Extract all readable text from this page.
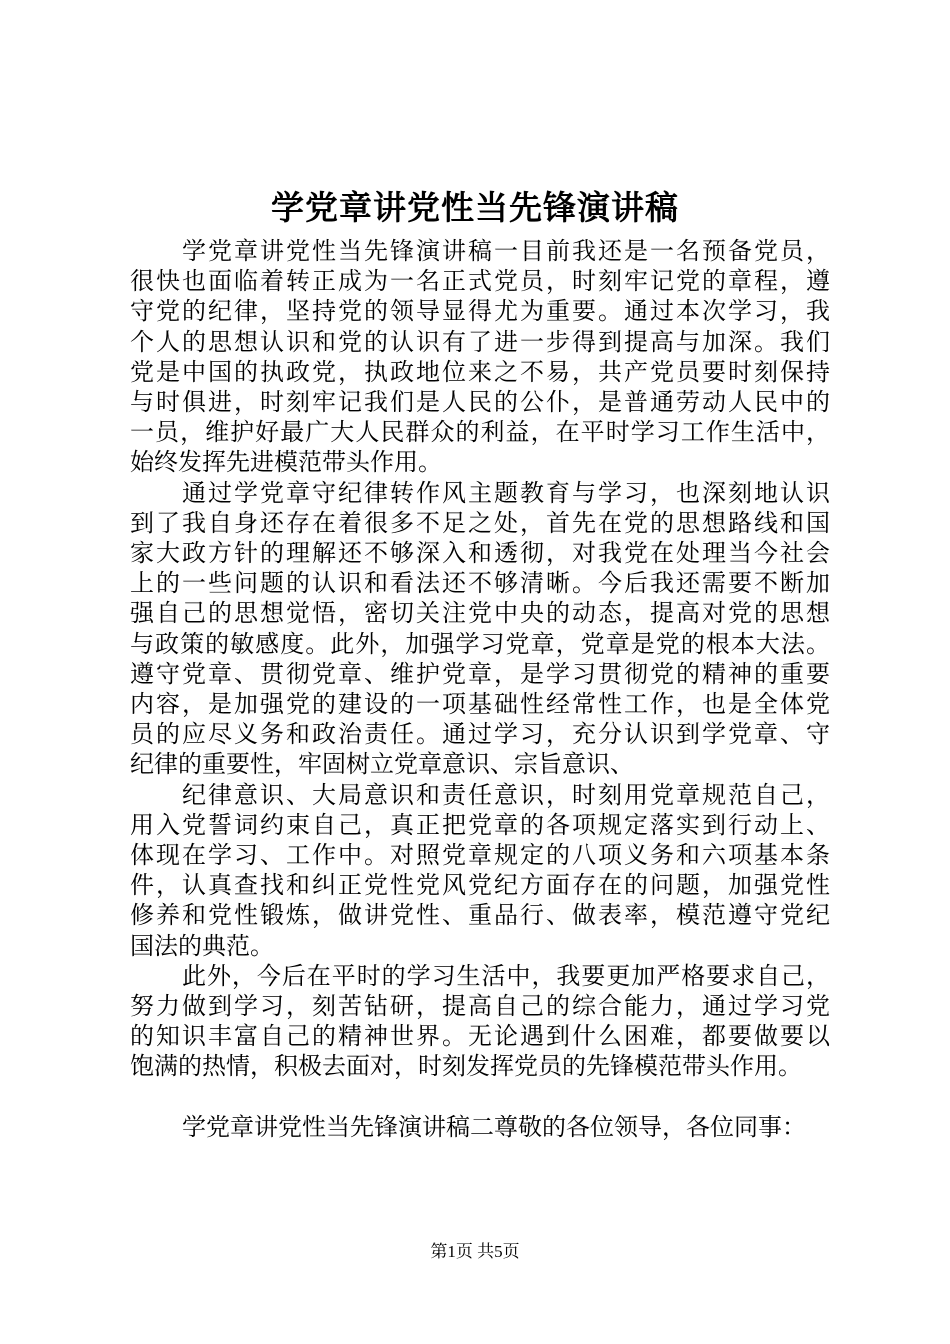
学党章讲党性当先锋演讲稿
学党章讲党性当先锋演讲稿一目前我还是一名预备党员，
很快也面临着转正成为一名正式党员，时刻牢记党的章程，遵
守党的纪律，坚持党的领导显得尤为重要。通过本次学习，我
个人的思想认识和党的认识有了进一步得到提高与加深。我们
党是中国的执政党，执政地位来之不易，共产党员要时刻保持
与时俱进，时刻牢记我们是人民的公仆，是普通劳动人民中的
一员，维护好最广大人民群众的利益，在平时学习工作生活中，
始终发挥先进模范带头作用。
通过学党章守纪律转作风主题教育与学习，也深刻地认识
到了我自身还存在着很多不足之处，首先在党的思想路线和国
家大政方针的理解还不够深入和透彻，对我党在处理当今社会
上的一些问题的认识和看法还不够清晰。今后我还需要不断加
强自己的思想觉悟，密切关注党中央的动态，提高对党的思想
与政策的敏感度。此外，加强学习党章，党章是党的根本大法。
遵守党章、贯彻党章、维护党章，是学习贯彻党的精神的重要
内容，是加强党的建设的一项基础性经常性工作，也是全体党
员的应尽义务和政治责任。通过学习，充分认识到学党章、守
纪律的重要性，牢固树立党章意识、宗旨意识、
纪律意识、大局意识和责任意识，时刻用党章规范自己，
用入党誓词约束自己，真正把党章的各项规定落实到行动上、
体现在学习、工作中。对照党章规定的八项义务和六项基本条
件，认真查找和纠正党性党风党纪方面存在的问题，加强党性
修养和党性锻炼，做讲党性、重品行、做表率，模范遵守党纪
国法的典范。
此外，今后在平时的学习生活中，我要更加严格要求自己，
努力做到学习，刻苦钻研，提高自己的综合能力，通过学习党
的知识丰富自己的精神世界。无论遇到什么困难，都要做要以
饱满的热情，积极去面对，时刻发挥党员的先锋模范带头作用。
学党章讲党性当先锋演讲稿二尊敬的各位领导，各位同事：
第1页 共5页
